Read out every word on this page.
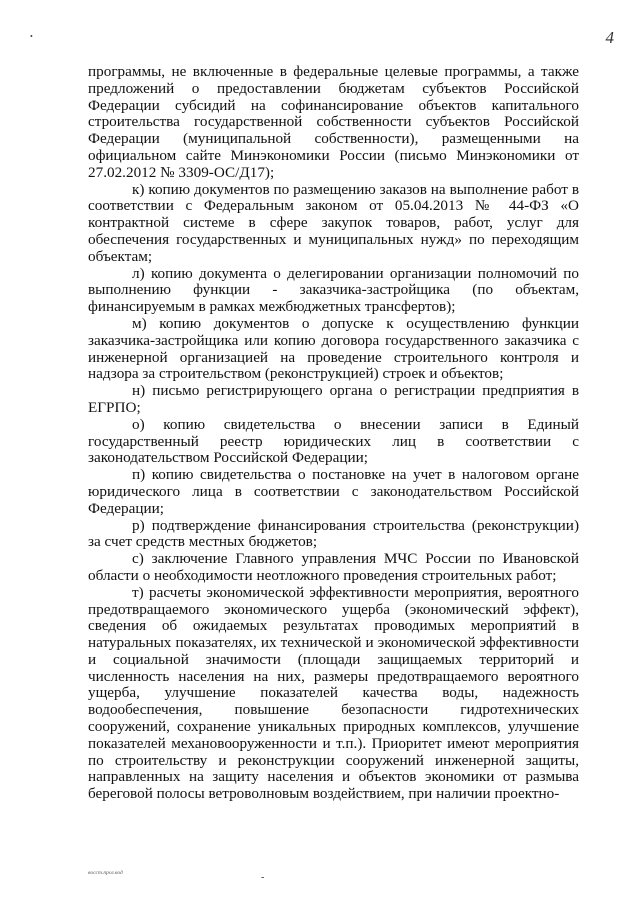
•	4

программы, не включенные в федеральные целевые программы, а также предложений о предоставлении бюджетам субъектов Российской Федерации субсидий на софинансирование объектов капитального строительства государственной собственности субъектов Российской Федерации (муниципальной собственности), размещенными на официальном сайте Минэкономики России (письмо Минэкономики от 27.02.2012 № 3309-ОС/Д17);

к) копию документов по размещению заказов на выполнение работ в соответствии с Федеральным законом от 05.04.2013 № 44-ФЗ «О контрактной системе в сфере закупок товаров, работ, услуг для обеспечения государственных и муниципальных нужд» по переходящим объектам;

л) копию документа о делегировании организации полномочий по выполнению функции - заказчика-застройщика (по объектам, финансируемым в рамках межбюджетных трансфертов);

м) копию документов о допуске к осуществлению функции заказчика-застройщика или копию договора государственного заказчика с инженерной организацией на проведение строительного контроля и надзора за строительством (реконструкцией) строек и объектов;

н) письмо регистрирующего органа о регистрации предприятия в ЕГРПО;

о) копию свидетельства о внесении записи в Единый государственный реестр юридических лиц в соответствии с законодательством Российской Федерации;

п) копию свидетельства о постановке на учет в налоговом органе юридического лица в соответствии с законодательством Российской Федерации;

р) подтверждение финансирования строительства (реконструкции) за счет средств местных бюджетов;

с) заключение Главного управления МЧС России по Ивановской области о необходимости неотложного проведения строительных работ;

т) расчеты экономической эффективности мероприятия, вероятного предотвращаемого экономического ущерба (экономический эффект), сведения об ожидаемых результатах проводимых мероприятий в натуральных показателях, их технической и экономической эффективности и социальной значимости (площади защищаемых территорий и численность населения на них, размеры предотвращаемого вероятного ущерба, улучшение показателей качества воды, надежность водообеспечения, повышение безопасности гидротехнических сооружений, сохранение уникальных природных комплексов, улучшение показателей механовооруженности и т.п.). Приоритет имеют мероприятия по строительству и реконструкции сооружений инженерной защиты, направленных на защиту населения и объектов экономики от размыва береговой полосы ветроволновым воздействием, при наличии проектно-

восст.прог.вод	-
